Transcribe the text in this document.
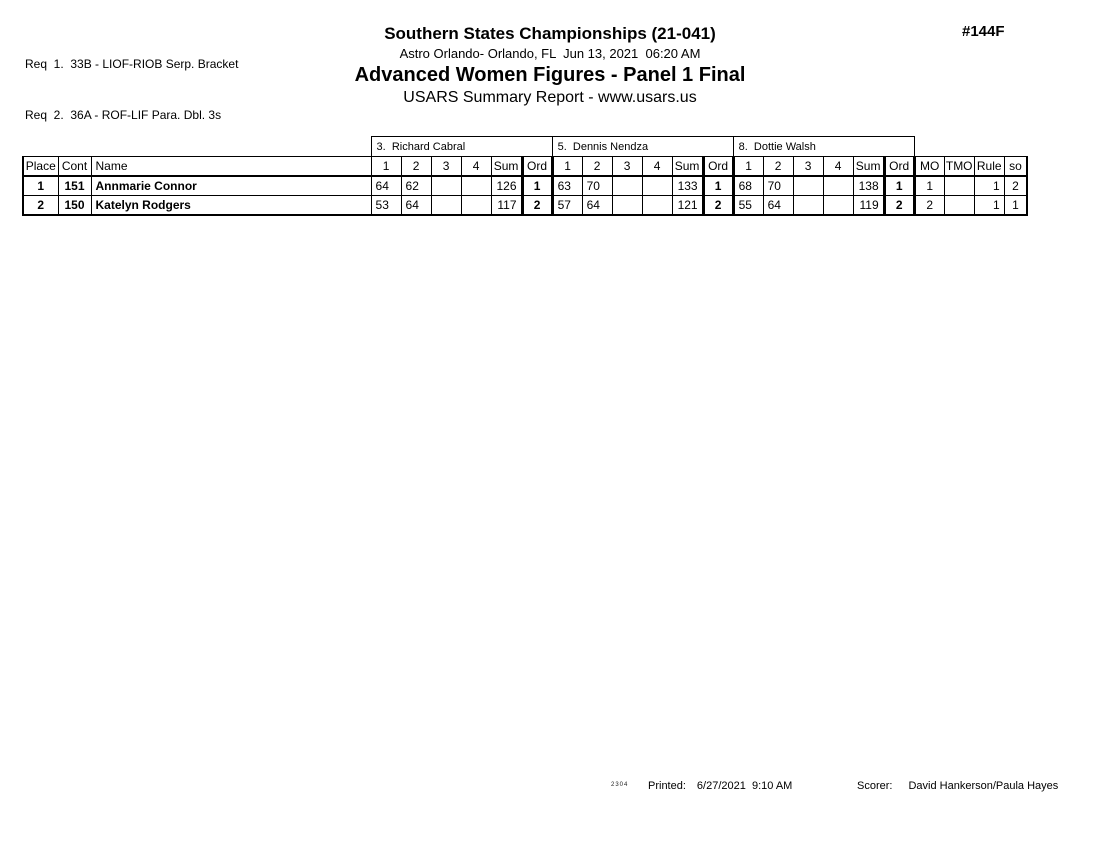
Req  1.  33B - LIOF-RIOB Serp. Bracket

Req  2.  36A - ROF-LIF Para. Dbl. 3s

Southern States Championships (21-041)
Astro Orlando- Orlando, FL  Jun 13, 2021  06:20 AM
Advanced Women Figures - Panel 1 Final
USARS Summary Report - www.usars.us
#144F
			3.  Richard Cabral						5.  Dennis Nendza						8.  Dottie Walsh									
Place	Cont	Name	1	2	3	4	Sum	Ord	1	2	3	4	Sum	Ord	1	2	3	4	Sum	Ord	MO	TMO	Rule	so
1	151	Annmarie Connor	64	62			126	1	63	70			133	1	68	70			138	1	1		1	2
2	150	Katelyn Rodgers	53	64			117	2	57	64			121	2	55	64			119	2	2		1	1
2304 Printed: 6/27/2021  9:10 AM	Scorer: David Hankerson/Paula Hayes
